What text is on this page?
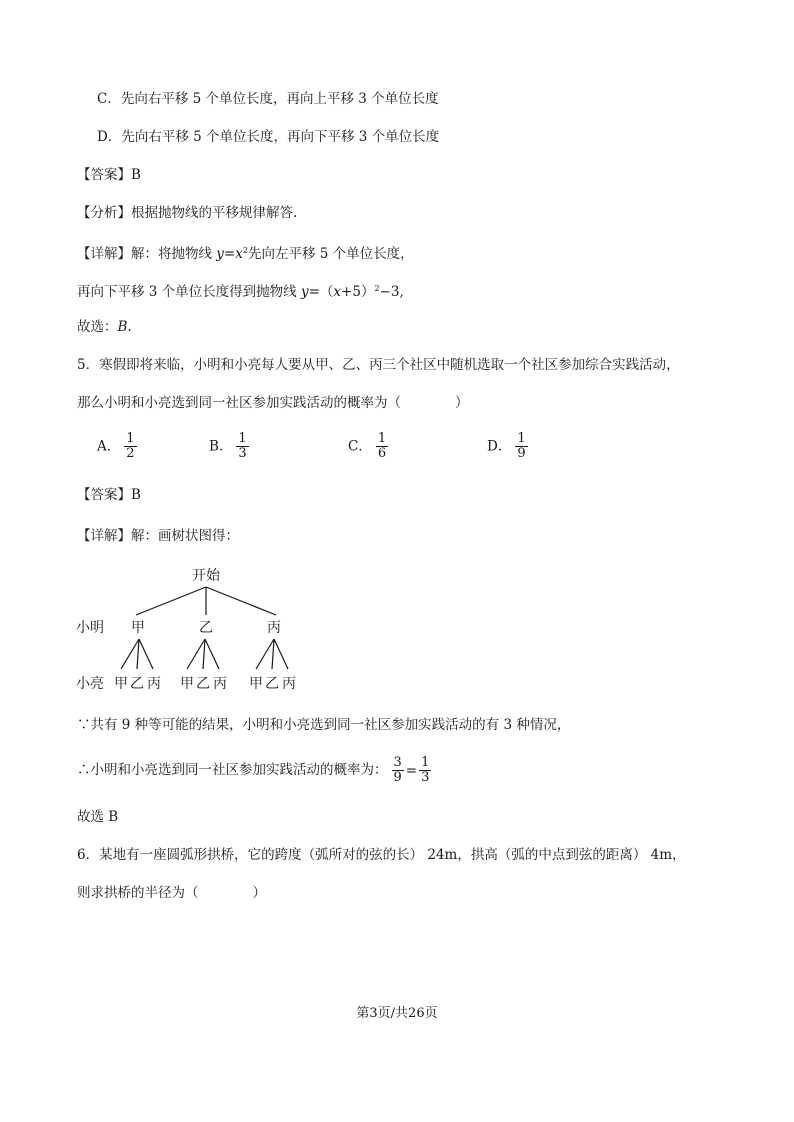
C．先向右平移 5 个单位长度，再向上平移 3 个单位长度
D．先向右平移 5 个单位长度，再向下平移 3 个单位长度
【答案】B
【分析】根据抛物线的平移规律解答.
【详解】解：将抛物线 $y=x^2$先向左平移 5 个单位长度，
再向下平移 3 个单位长度得到抛物线 $y=(x+5)^2-3$,
故选：B.
5．寒假即将来临，小明和小亮每人要从甲、乙、丙三个社区中随机选取一个社区参加综合实践活动，
那么小明和小亮选到同一社区参加实践活动的概率为（　　　　）
A． $\frac{1}{2}$	B． $\frac{1}{3}$	C． $\frac{1}{6}$	D． $\frac{1}{9}$
【答案】B
【详解】解：画树状图得：
开始
小明
小亮
甲	乙	丙
甲 乙 丙 甲 乙 丙 甲 乙 丙
∵共有 9 种等可能的结果，小明和小亮选到同一社区参加实践活动的有 3 种情况，
∴小明和小亮选到同一社区参加实践活动的概率为： $\frac{3}{9} = \frac{1}{3}$
故选 B
6．某地有一座圆弧形拱桥，它的跨度（弧所对的弦的长） 24m，拱高（弧的中点到弦的距离） 4m，
则求拱桥的半径为（　　　　）
第3页/共26页
